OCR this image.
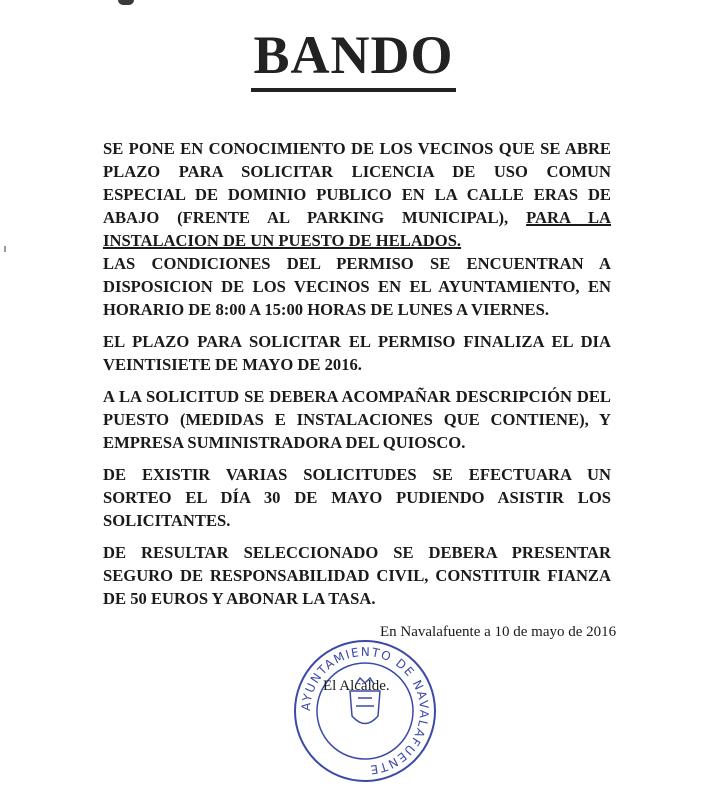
BANDO

SE PONE EN CONOCIMIENTO DE LOS VECINOS QUE SE ABRE PLAZO PARA SOLICITAR LICENCIA DE USO COMUN ESPECIAL DE DOMINIO PUBLICO EN LA CALLE ERAS DE ABAJO (FRENTE AL PARKING MUNICIPAL), PARA LA INSTALACION DE UN PUESTO DE HELADOS.

LAS CONDICIONES DEL PERMISO SE ENCUENTRAN A DISPOSICION DE LOS VECINOS EN EL AYUNTAMIENTO, EN HORARIO DE 8:00 A 15:00 HORAS DE LUNES A VIERNES.

EL PLAZO PARA SOLICITAR EL PERMISO FINALIZA EL DIA VEINTISIETE DE MAYO DE 2016.

A LA SOLICITUD SE DEBERA ACOMPAÑAR DESCRIPCIÓN DEL PUESTO (MEDIDAS E INSTALACIONES QUE CONTIENE), Y EMPRESA SUMINISTRADORA DEL QUIOSCO.

DE EXISTIR VARIAS SOLICITUDES SE EFECTUARA UN SORTEO EL DÍA 30 DE MAYO PUDIENDO ASISTIR LOS SOLICITANTES.

DE RESULTAR SELECCIONADO SE DEBERA PRESENTAR SEGURO DE RESPONSABILIDAD CIVIL, CONSTITUIR FIANZA DE 50 EUROS Y ABONAR LA TASA.

En Navalafuente a 10 de mayo de 2016
AYUNTAMIENTO DE NAVALAFUENTE
El Alcalde.
